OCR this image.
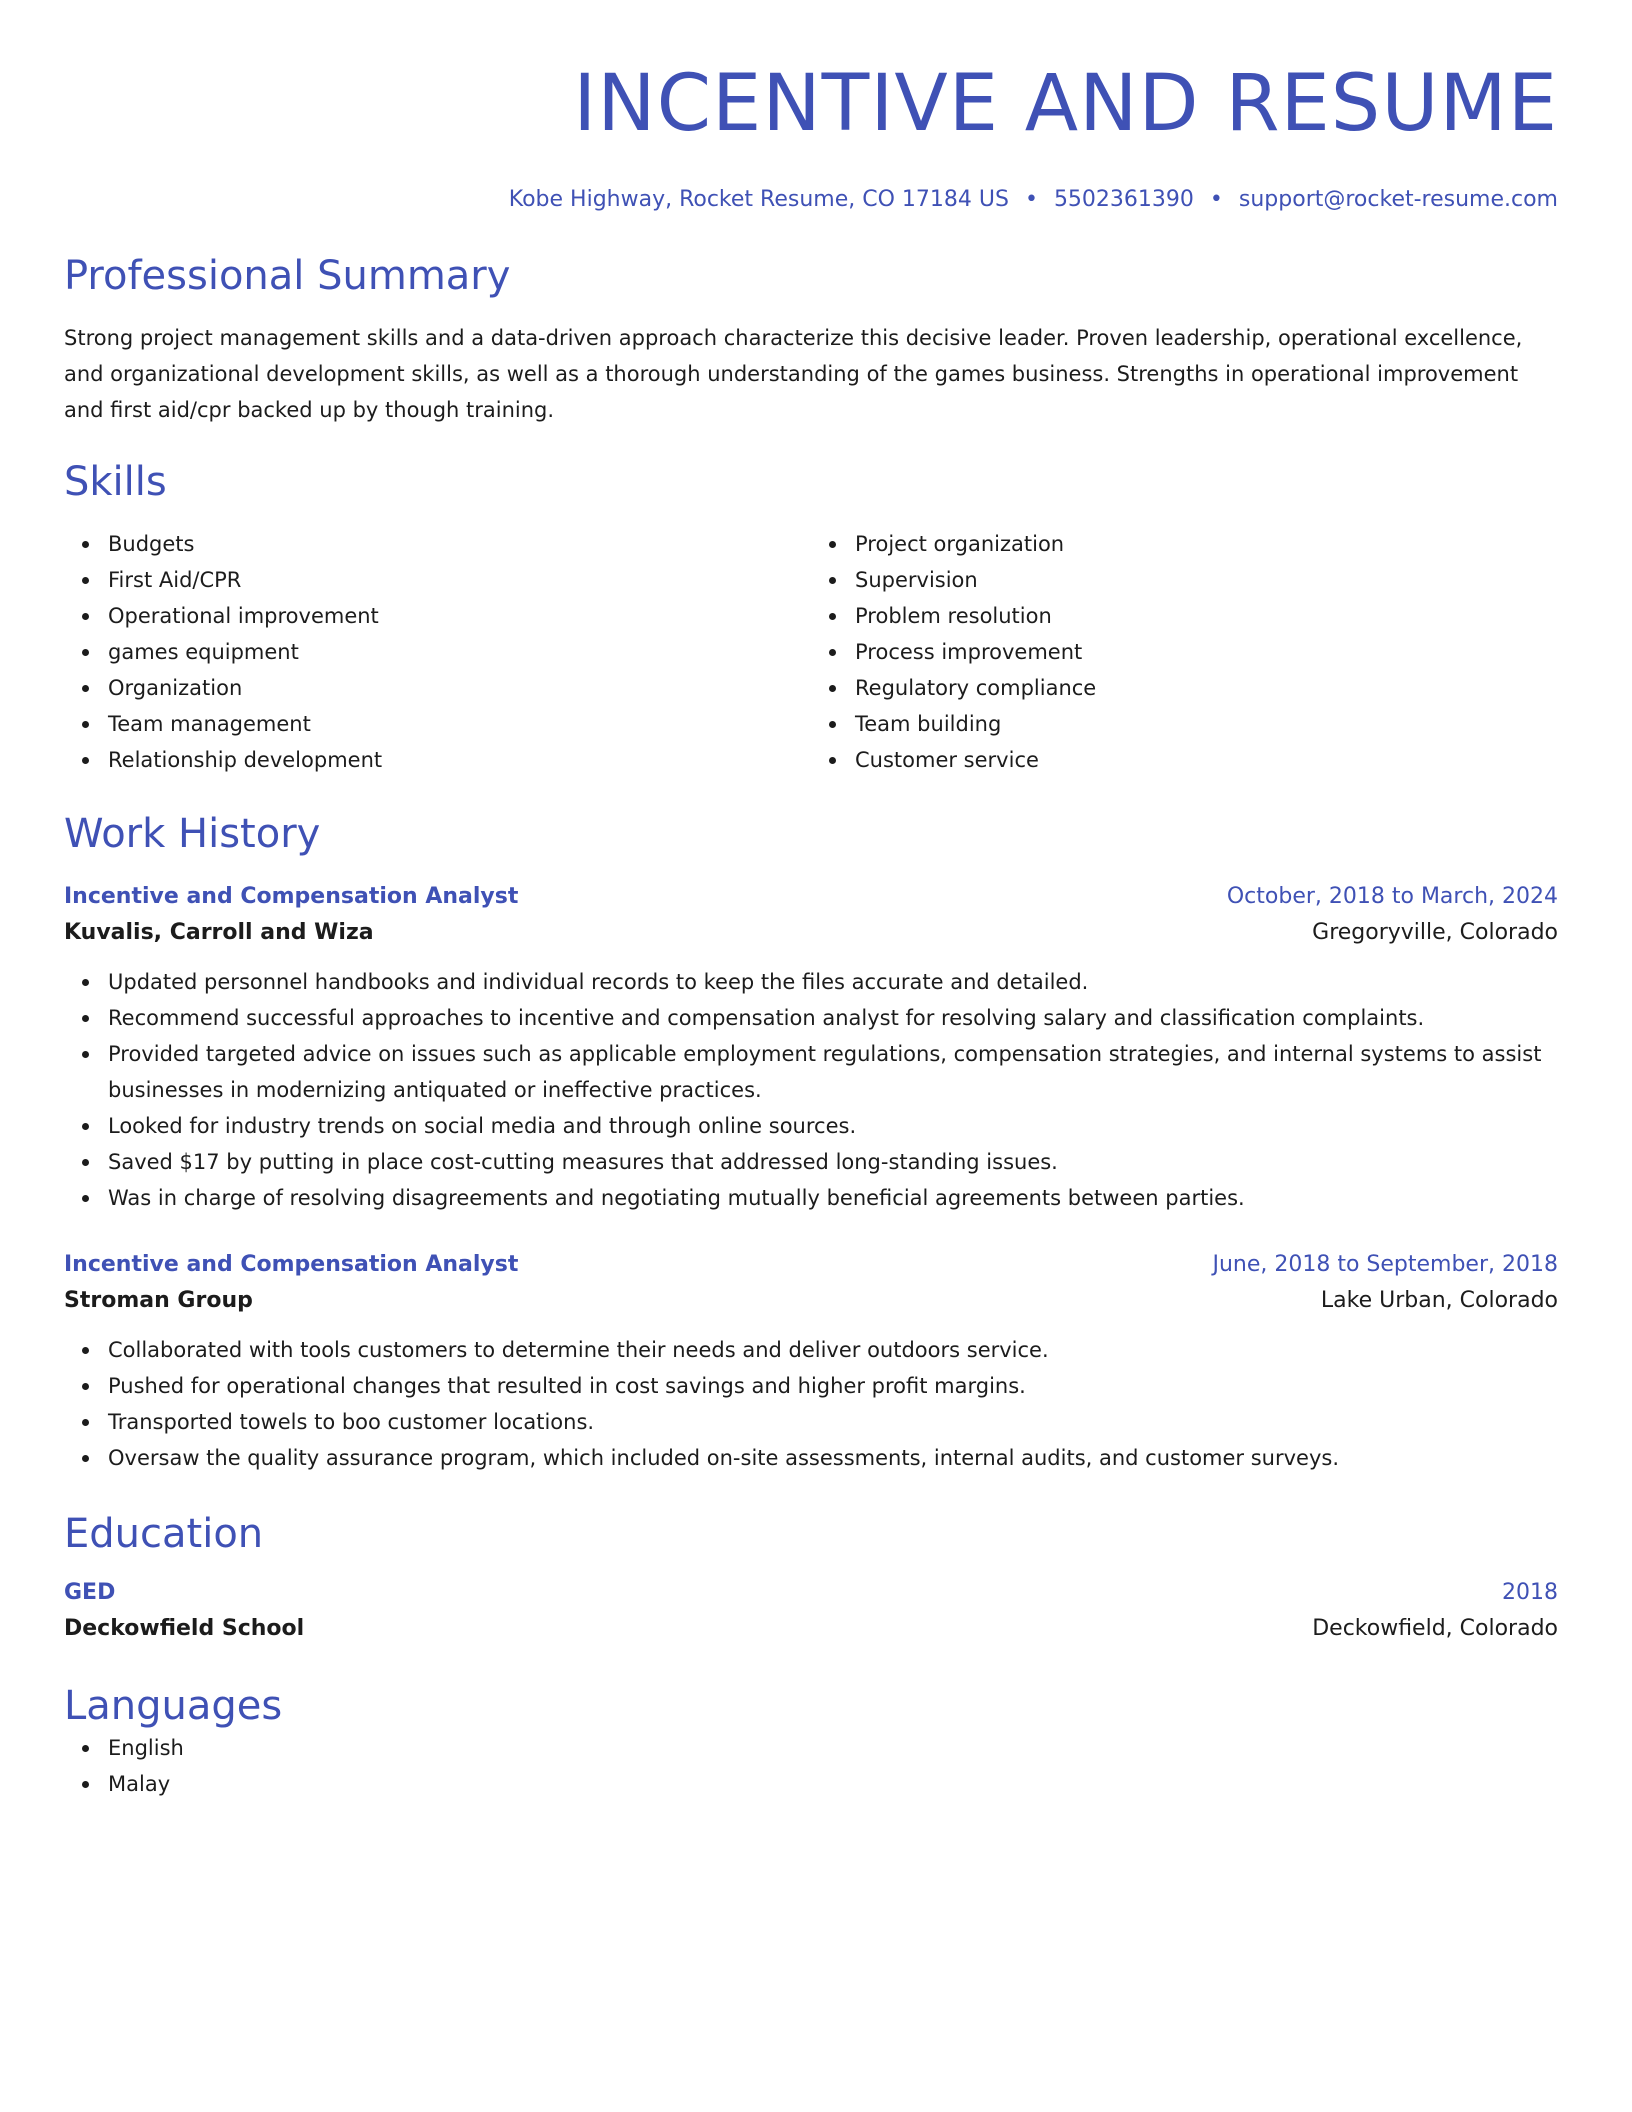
INCENTIVE AND RESUME
Kobe Highway, Rocket Resume, CO 17184 US • 5502361390 • support@rocket-resume.com
Professional Summary

Strong project management skills and a data-driven approach characterize this decisive leader. Proven leadership, operational excellence, and organizational development skills, as well as a thorough understanding of the games business. Strengths in operational improvement and first aid/cpr backed up by though training.

Skills
Budgets
First Aid/CPR
Operational improvement
games equipment
Organization
Team management
Relationship development
Project organization
Supervision
Problem resolution
Process improvement
Regulatory compliance
Team building
Customer service
Work History
Incentive and Compensation Analyst	October, 2018 to March, 2024
Kuvalis, Carroll and Wiza	Gregoryville, Colorado
Updated personnel handbooks and individual records to keep the files accurate and detailed.
Recommend successful approaches to incentive and compensation analyst for resolving salary and classification complaints.
Provided targeted advice on issues such as applicable employment regulations, compensation strategies, and internal systems to assist businesses in modernizing antiquated or ineffective practices.
Looked for industry trends on social media and through online sources.
Saved $17 by putting in place cost-cutting measures that addressed long-standing issues.
Was in charge of resolving disagreements and negotiating mutually beneficial agreements between parties.
Incentive and Compensation Analyst	June, 2018 to September, 2018
Stroman Group	Lake Urban, Colorado
Collaborated with tools customers to determine their needs and deliver outdoors service.
Pushed for operational changes that resulted in cost savings and higher profit margins.
Transported towels to boo customer locations.
Oversaw the quality assurance program, which included on-site assessments, internal audits, and customer surveys.
Education
GED	2018
Deckowfield School	Deckowfield, Colorado
Languages
English
Malay
